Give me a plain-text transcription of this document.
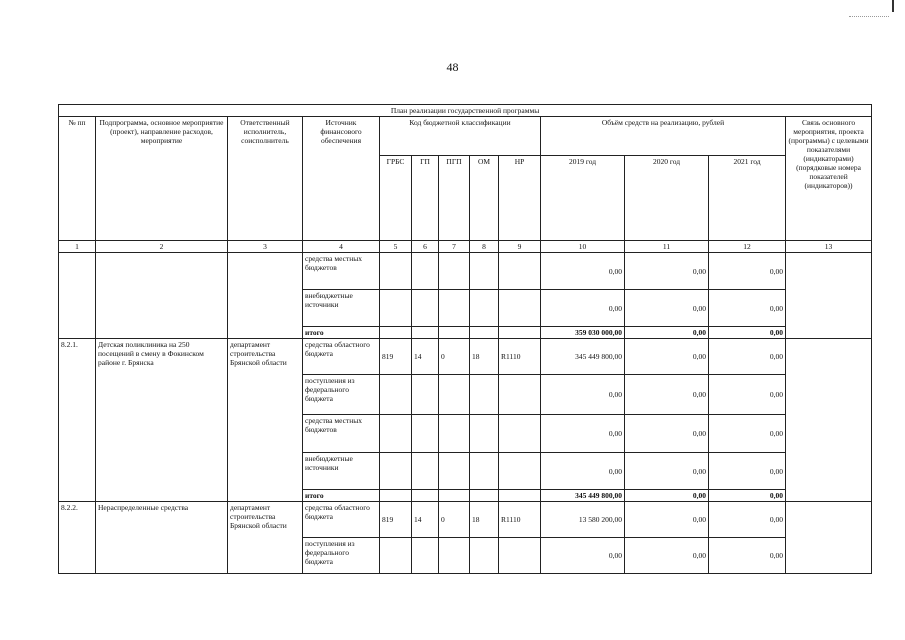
48
План реализации государственной программы												
№ пп	Подпрограмма, основное мероприятие (проект), направление расходов, мероприятие	Ответственный исполнитель, соисполнитель	Источник финансового обеспечения	Код бюджетной классификации					Объём средств на реализацию, рублей			Связь основного мероприятия, проекта (программы) с целевыми показателями (индикаторами) (порядковые номера показателей (индикаторов))
				ГРБС	ГП	ПГП	ОМ	НР	2019 год	2020 год	2021 год	
1	2	3	4	5	6	7	8	9	10	11	12	13
			средства местных бюджетов						0,00	0,00	0,00	
			внебюджетные источники						0,00	0,00	0,00	
			итого						359 030 000,00	0,00	0,00	
8.2.1.	Детская поликлиника на 250 посещений в смену в Фокинском районе г. Брянска	департамент строительства Брянской области	средства областного бюджета	819	14	0	18	R1110	345 449 800,00	0,00	0,00	
			поступления из федерального бюджета						0,00	0,00	0,00	
			средства местных бюджетов						0,00	0,00	0,00	
			внебюджетные источники						0,00	0,00	0,00	
			итого						345 449 800,00	0,00	0,00	
8.2.2.	Нераспределенные средства	департамент строительства Брянской области	средства областного бюджета	819	14	0	18	R1110	13 580 200,00	0,00	0,00	
			поступления из федерального бюджета						0,00	0,00	0,00	
